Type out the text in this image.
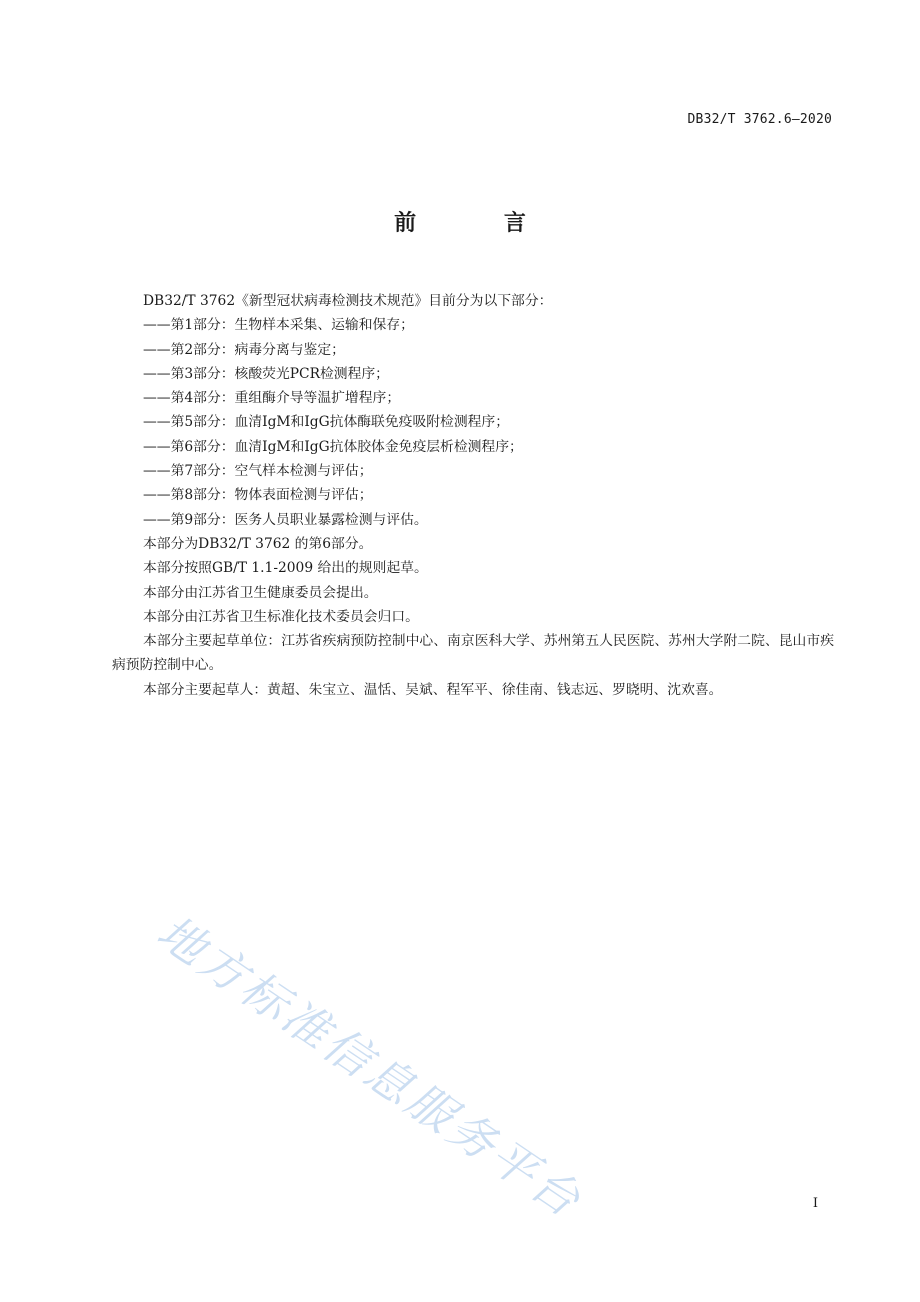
DB32/T 3762.6—2020
前 言

DB32/T 3762《新型冠状病毒检测技术规范》目前分为以下部分：

——第1部分：生物样本采集、运输和保存；

——第2部分：病毒分离与鉴定；

——第3部分：核酸荧光PCR检测程序；

——第4部分：重组酶介导等温扩增程序；

——第5部分：血清IgM和IgG抗体酶联免疫吸附检测程序；

——第6部分：血清IgM和IgG抗体胶体金免疫层析检测程序；

——第7部分：空气样本检测与评估；

——第8部分：物体表面检测与评估；

——第9部分：医务人员职业暴露检测与评估。

本部分为DB32/T 3762 的第6部分。

本部分按照GB/T 1.1-2009 给出的规则起草。

本部分由江苏省卫生健康委员会提出。

本部分由江苏省卫生标准化技术委员会归口。

本部分主要起草单位：江苏省疾病预防控制中心、南京医科大学、苏州第五人民医院、苏州大学附二院、昆山市疾病预防控制中心。

本部分主要起草人：黄超、朱宝立、温恬、吴斌、程军平、徐佳南、钱志远、罗晓明、沈欢喜。

地方标准信息服务平台	I
